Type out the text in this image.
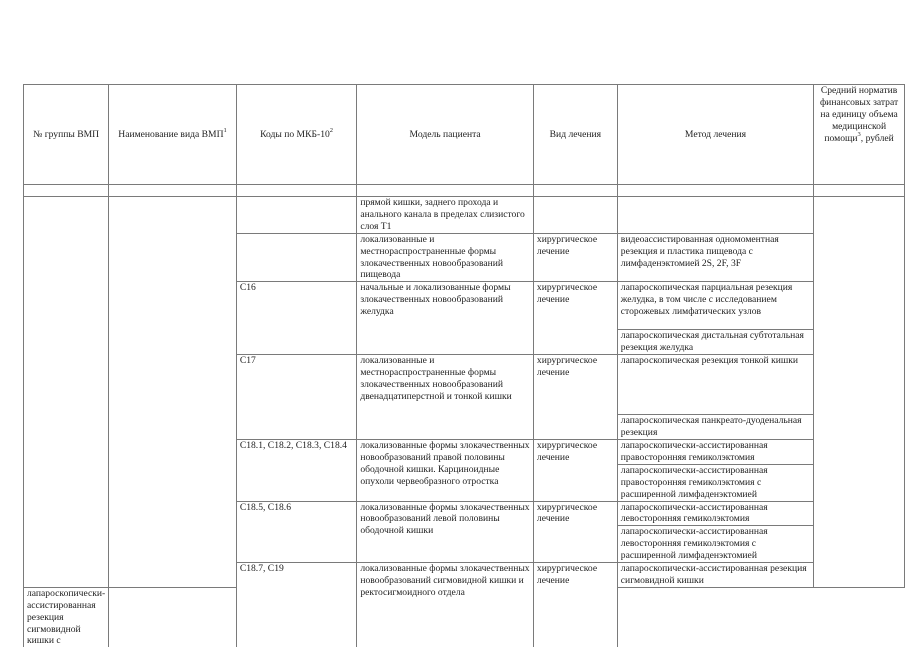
№ группы ВМП	Наименование вида ВМП$^1$	Коды по МКБ-$10^2$	Модель пациента	Вид лечения	Метод лечения	Средний норматив финансовых затрат на единицу объема медицинской помощи$^3$, рублей

			прямой кишки, заднего прохода и анального канала в пределах слизистого слоя T1			
			локализованные и местнораспространенные формы злокачественных новообразований пищевода	хирургическое лечение	видеоассистированная одномоментная резекция и пластика пищевода с лимфаденэктомией 2S, 2F, 3F	
		C16	начальные и локализованные формы злокачественных новообразований желудка	хирургическое лечение	лапароскопическая парциальная резекция желудка, в том числе с исследованием сторожевых лимфатических узлов	
					лапароскопическая дистальная субтотальная резекция желудка	
		C17	локализованные и местнораспространенные формы злокачественных новообразований двенадцатиперстной и тонкой кишки	хирургическое лечение	лапароскопическая резекция тонкой кишки	
					лапароскопическая панкреато-дуоденальная резекция	
		C18.1, C18.2, C18.3, C18.4	локализованные формы злокачественных новообразований правой половины ободочной кишки. Карциноидные опухоли червеобразного отростка	хирургическое лечение	лапароскопически-ассистированная правосторонняя гемиколэктомия	
					лапароскопически-ассистированная правосторонняя гемиколэктомия с расширенной лимфаденэктомией	
		C18.5, C18.6	локализованные формы злокачественных новообразований левой половины ободочной кишки	хирургическое лечение	лапароскопически-ассистированная левосторонняя гемиколэктомия	
					лапароскопически-ассистированная левосторонняя гемиколэктомия с расширенной лимфаденэктомией	
		C18.7, C19	локализованные формы злокачественных новообразований сигмовидной кишки и ректосигмоидного отдела	хирургическое лечение	лапароскопически-ассистированная резекция сигмовидной кишки	
лапароскопически-ассистированная резекция сигмовидной кишки с						
